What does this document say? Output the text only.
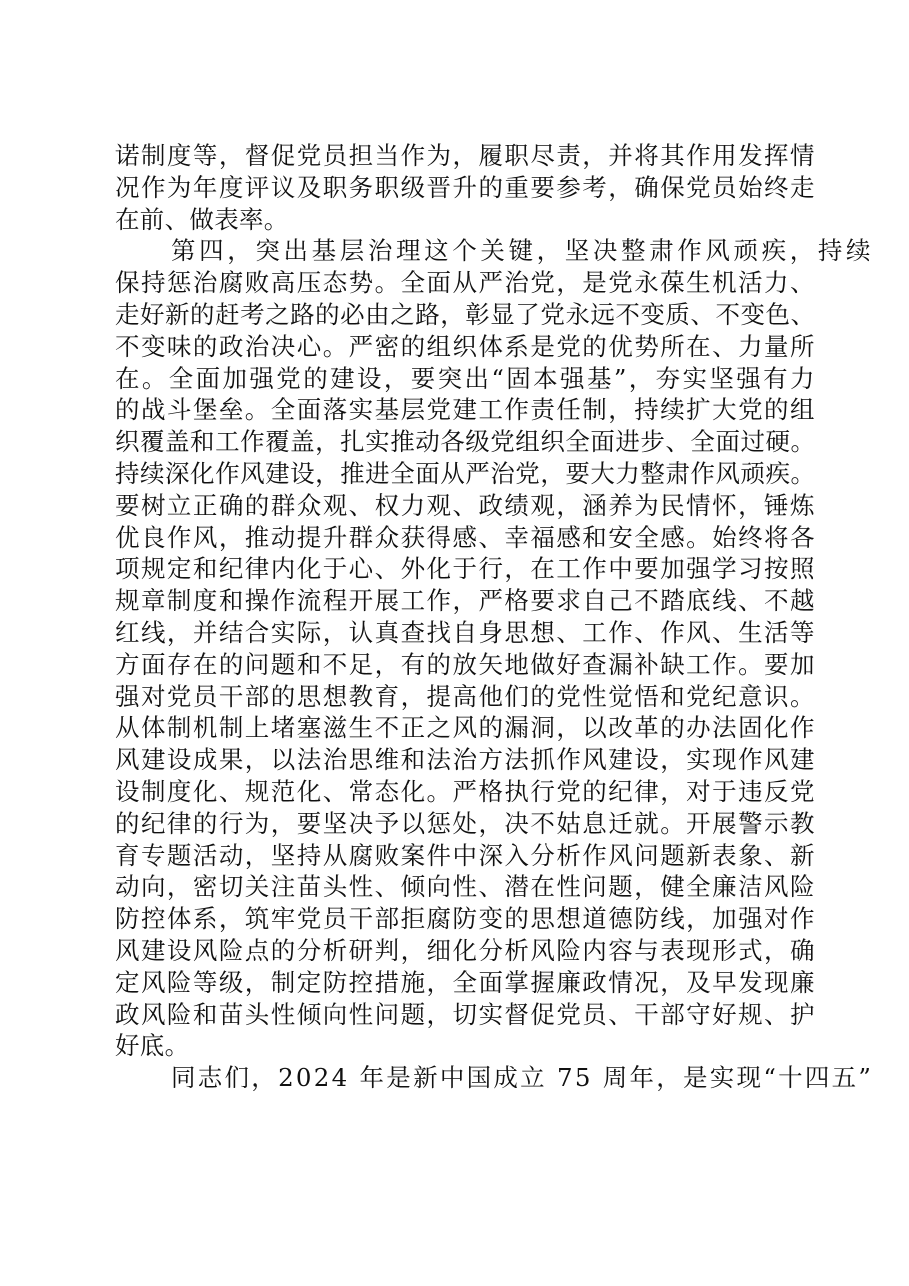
诺制度等，督促党员担当作为，履职尽责，并将其作用发挥情
况作为年度评议及职务职级晋升的重要参考，确保党员始终走
在前、做表率。
第四，突出基层治理这个关键，坚决整肃作风顽疾，持续
保持惩治腐败高压态势。全面从严治党，是党永葆生机活力、
走好新的赶考之路的必由之路，彰显了党永远不变质、不变色、
不变味的政治决心。严密的组织体系是党的优势所在、力量所
在。全面加强党的建设，要突出“固本强基”，夯实坚强有力
的战斗堡垒。全面落实基层党建工作责任制，持续扩大党的组
织覆盖和工作覆盖，扎实推动各级党组织全面进步、全面过硬。
持续深化作风建设，推进全面从严治党，要大力整肃作风顽疾。
要树立正确的群众观、权力观、政绩观，涵养为民情怀，锤炼
优良作风，推动提升群众获得感、幸福感和安全感。始终将各
项规定和纪律内化于心、外化于行，在工作中要加强学习按照
规章制度和操作流程开展工作，严格要求自己不踏底线、不越
红线，并结合实际，认真查找自身思想、工作、作风、生活等
方面存在的问题和不足，有的放矢地做好查漏补缺工作。要加
强对党员干部的思想教育，提高他们的党性觉悟和党纪意识。
从体制机制上堵塞滋生不正之风的漏洞，以改革的办法固化作
风建设成果，以法治思维和法治方法抓作风建设，实现作风建
设制度化、规范化、常态化。严格执行党的纪律，对于违反党
的纪律的行为，要坚决予以惩处，决不姑息迁就。开展警示教
育专题活动，坚持从腐败案件中深入分析作风问题新表象、新
动向，密切关注苗头性、倾向性、潜在性问题，健全廉洁风险
防控体系，筑牢党员干部拒腐防变的思想道德防线，加强对作
风建设风险点的分析研判，细化分析风险内容与表现形式，确
定风险等级，制定防控措施，全面掌握廉政情况，及早发现廉
政风险和苗头性倾向性问题，切实督促党员、干部守好规、护
好底。
同志们，2024 年是新中国成立 75 周年，是实现“十四五”
